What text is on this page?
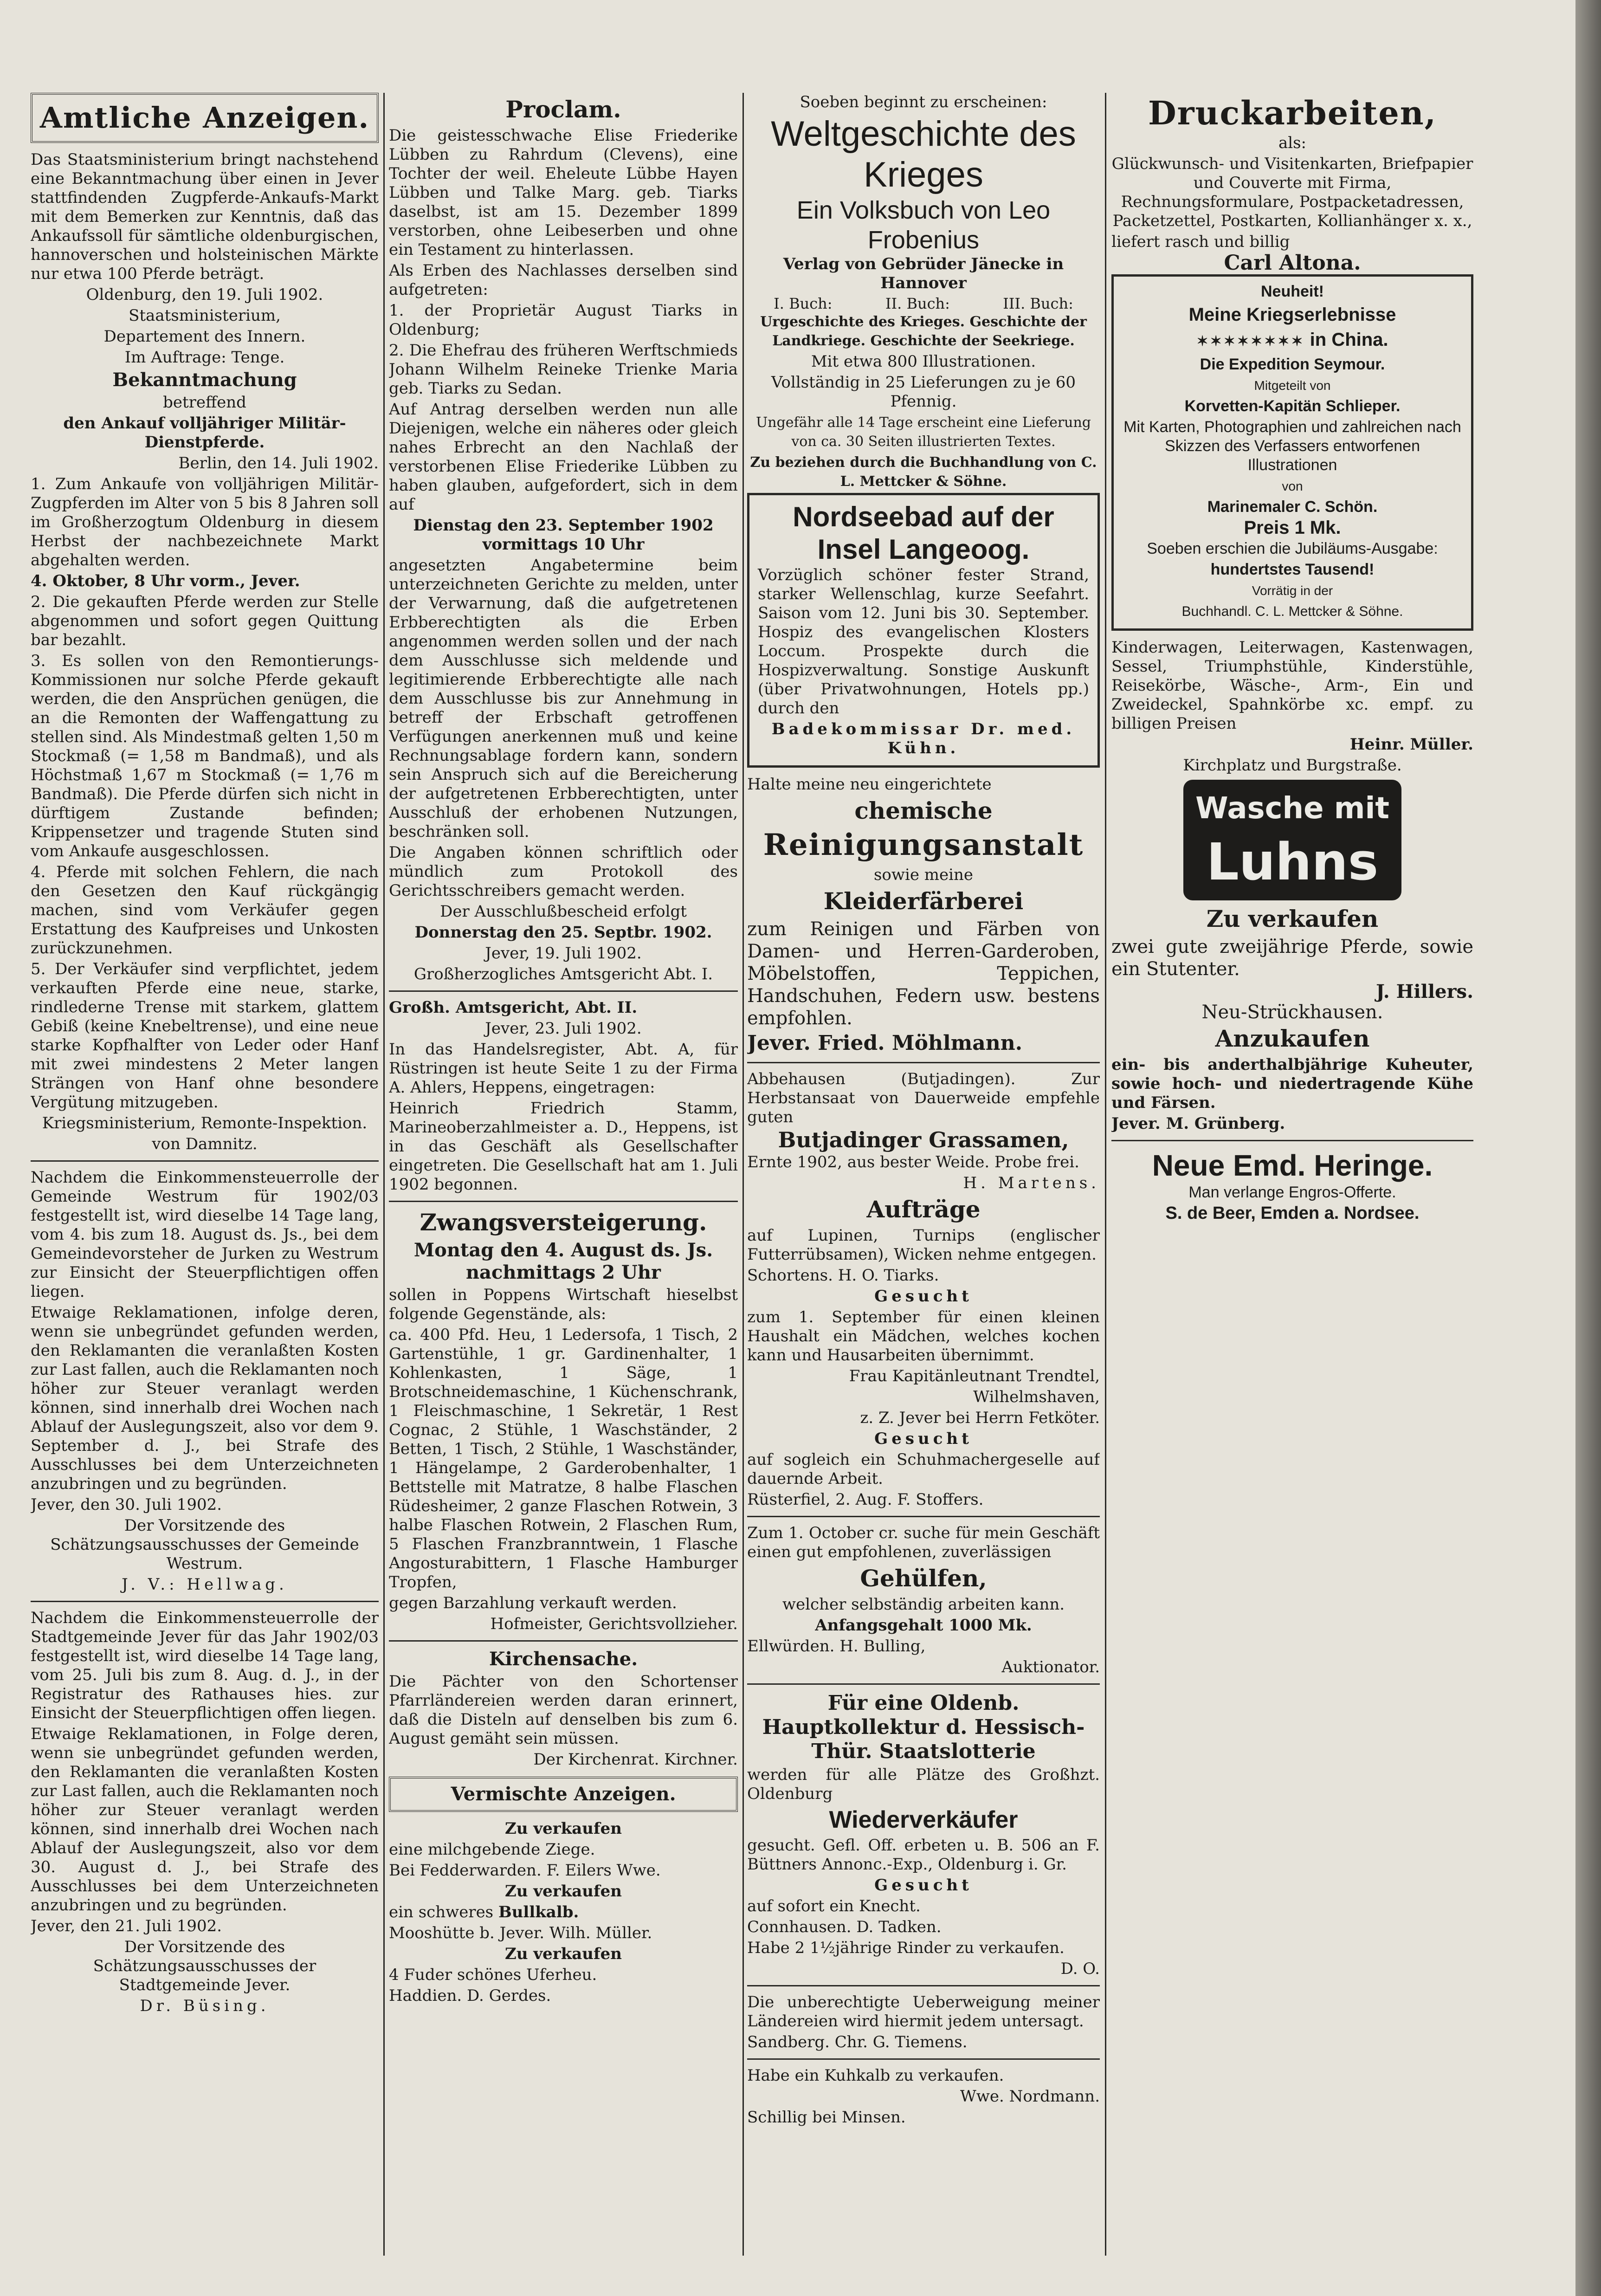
Amtliche Anzeigen.

Das Staatsministerium bringt nachstehend eine Bekanntmachung über einen in Jever stattfindenden Zugpferde-Ankaufs-Markt mit dem Bemerken zur Kenntnis, daß das Ankaufssoll für sämtliche oldenburgischen, hannoverschen und holsteinischen Märkte nur etwa 100 Pferde beträgt.

Oldenburg, den 19. Juli 1902.

Staatsministerium,

Departement des Innern.

Im Auftrage: Tenge.

Bekanntmachung

betreffend

den Ankauf volljähriger Militär-Dienstpferde.

Berlin, den 14. Juli 1902.

1. Zum Ankaufe von volljährigen Militär-Zugpferden im Alter von 5 bis 8 Jahren soll im Großherzogtum Oldenburg in diesem Herbst der nachbezeichnete Markt abgehalten werden.

4. Oktober, 8 Uhr vorm., Jever.

2. Die gekauften Pferde werden zur Stelle abgenommen und sofort gegen Quittung bar bezahlt.

3. Es sollen von den Remontierungs-Kommissionen nur solche Pferde gekauft werden, die den Ansprüchen genügen, die an die Remonten der Waffengattung zu stellen sind. Als Mindestmaß gelten 1,50 m Stockmaß (= 1,58 m Bandmaß), und als Höchstmaß 1,67 m Stockmaß (= 1,76 m Bandmaß). Die Pferde dürfen sich nicht in dürftigem Zustande befinden; Krippensetzer und tragende Stuten sind vom Ankaufe ausgeschlossen.

4. Pferde mit solchen Fehlern, die nach den Gesetzen den Kauf rückgängig machen, sind vom Verkäufer gegen Erstattung des Kaufpreises und Unkosten zurückzunehmen.

5. Der Verkäufer sind verpflichtet, jedem verkauften Pferde eine neue, starke, rindlederne Trense mit starkem, glattem Gebiß (keine Knebeltrense), und eine neue starke Kopfhalfter von Leder oder Hanf mit zwei mindestens 2 Meter langen Strängen von Hanf ohne besondere Vergütung mitzugeben.

Kriegsministerium, Remonte-Inspektion.

von Damnitz.

Nachdem die Einkommensteuerrolle der Gemeinde Westrum für 1902/03 festgestellt ist, wird dieselbe 14 Tage lang, vom 4. bis zum 18. August ds. Js., bei dem Gemeindevorsteher de Jurken zu Westrum zur Einsicht der Steuerpflichtigen offen liegen.

Etwaige Reklamationen, infolge deren, wenn sie unbegründet gefunden werden, den Reklamanten die veranlaßten Kosten zur Last fallen, auch die Reklamanten noch höher zur Steuer veranlagt werden können, sind innerhalb drei Wochen nach Ablauf der Auslegungszeit, also vor dem 9. September d. J., bei Strafe des Ausschlusses bei dem Unterzeichneten anzubringen und zu begründen.

Jever, den 30. Juli 1902.

Der Vorsitzende des Schätzungsausschusses der Gemeinde Westrum.

J. V.: Hellwag.

Nachdem die Einkommensteuerrolle der Stadtgemeinde Jever für das Jahr 1902/03 festgestellt ist, wird dieselbe 14 Tage lang, vom 25. Juli bis zum 8. Aug. d. J., in der Registratur des Rathauses hies. zur Einsicht der Steuerpflichtigen offen liegen.

Etwaige Reklamationen, in Folge deren, wenn sie unbegründet gefunden werden, den Reklamanten die veranlaßten Kosten zur Last fallen, auch die Reklamanten noch höher zur Steuer veranlagt werden können, sind innerhalb drei Wochen nach Ablauf der Auslegungszeit, also vor dem 30. August d. J., bei Strafe des Ausschlusses bei dem Unterzeichneten anzubringen und zu begründen.

Jever, den 21. Juli 1902.

Der Vorsitzende des Schätzungsausschusses der Stadtgemeinde Jever.

Dr. Büsing.

Proclam.

Die geistesschwache Elise Friederike Lübben zu Rahrdum (Clevens), eine Tochter der weil. Eheleute Lübbe Hayen Lübben und Talke Marg. geb. Tiarks daselbst, ist am 15. Dezember 1899 verstorben, ohne Leibeserben und ohne ein Testament zu hinterlassen.

Als Erben des Nachlasses derselben sind aufgetreten:

1. der Proprietär August Tiarks in Oldenburg;

2. Die Ehefrau des früheren Werftschmieds Johann Wilhelm Reineke Trienke Maria geb. Tiarks zu Sedan.

Auf Antrag derselben werden nun alle Diejenigen, welche ein näheres oder gleich nahes Erbrecht an den Nachlaß der verstorbenen Elise Friederike Lübben zu haben glauben, aufgefordert, sich in dem auf

Dienstag den 23. September 1902 vormittags 10 Uhr

angesetzten Angabetermine beim unterzeichneten Gerichte zu melden, unter der Verwarnung, daß die aufgetretenen Erbberechtigten als die Erben angenommen werden sollen und der nach dem Ausschlusse sich meldende und legitimierende Erbberechtigte alle nach dem Ausschlusse bis zur Annehmung in betreff der Erbschaft getroffenen Verfügungen anerkennen muß und keine Rechnungsablage fordern kann, sondern sein Anspruch sich auf die Bereicherung der aufgetretenen Erbberechtigten, unter Ausschluß der erhobenen Nutzungen, beschränken soll.

Die Angaben können schriftlich oder mündlich zum Protokoll des Gerichtsschreibers gemacht werden.

Der Ausschlußbescheid erfolgt

Donnerstag den 25. Septbr. 1902.

Jever, 19. Juli 1902.

Großherzogliches Amtsgericht Abt. I.

Großh. Amtsgericht, Abt. II.

Jever, 23. Juli 1902.

In das Handelsregister, Abt. A, für Rüstringen ist heute Seite 1 zu der Firma A. Ahlers, Heppens, eingetragen:

Heinrich Friedrich Stamm, Marineoberzahlmeister a. D., Heppens, ist in das Geschäft als Gesellschafter eingetreten. Die Gesellschaft hat am 1. Juli 1902 begonnen.

Zwangsversteigerung.

Montag den 4. August ds. Js. nachmittags 2 Uhr

sollen in Poppens Wirtschaft hieselbst folgende Gegenstände, als:

ca. 400 Pfd. Heu, 1 Ledersofa, 1 Tisch, 2 Gartenstühle, 1 gr. Gardinenhalter, 1 Kohlenkasten, 1 Säge, 1 Brotschneidemaschine, 1 Küchenschrank, 1 Fleischmaschine, 1 Sekretär, 1 Rest Cognac, 2 Stühle, 1 Waschständer, 2 Betten, 1 Tisch, 2 Stühle, 1 Waschständer, 1 Hängelampe, 2 Garderobenhalter, 1 Bettstelle mit Matratze, 8 halbe Flaschen Rüdesheimer, 2 ganze Flaschen Rotwein, 3 halbe Flaschen Rotwein, 2 Flaschen Rum, 5 Flaschen Franzbranntwein, 1 Flasche Angosturabittern, 1 Flasche Hamburger Tropfen,

gegen Barzahlung verkauft werden.

Hofmeister, Gerichtsvollzieher.

Kirchensache.

Die Pächter von den Schortenser Pfarrländereien werden daran erinnert, daß die Disteln auf denselben bis zum 6. August gemäht sein müssen.

Der Kirchenrat. Kirchner.

Vermischte Anzeigen.

Zu verkaufen

eine milchgebende Ziege.

Bei Fedderwarden. F. Eilers Wwe.

Zu verkaufen

ein schweres Bullkalb.

Mooshütte b. Jever. Wilh. Müller.

Zu verkaufen

4 Fuder schönes Uferheu.

Haddien. D. Gerdes.

Soeben beginnt zu erscheinen:

Weltgeschichte des Krieges
Ein Volksbuch von Leo Frobenius

Verlag von Gebrüder Jänecke in Hannover

I. Buch:	II. Buch:	III. Buch:

Urgeschichte des Krieges. Geschichte der Landkriege. Geschichte der Seekriege.

Mit etwa 800 Illustrationen.

Vollständig in 25 Lieferungen zu je 60 Pfennig.

Ungefähr alle 14 Tage erscheint eine Lieferung von ca. 30 Seiten illustrierten Textes.

Zu beziehen durch die Buchhandlung von C. L. Mettcker & Söhne.

Nordseebad auf der Insel Langeoog.

Vorzüglich schöner fester Strand, starker Wellenschlag, kurze Seefahrt. Saison vom 12. Juni bis 30. September. Hospiz des evangelischen Klosters Loccum. Prospekte durch die Hospizverwaltung. Sonstige Auskunft (über Privatwohnungen, Hotels pp.) durch den

Badekommissar Dr. med. Kühn.

Halte meine neu eingerichtete

chemische
Reinigungsanstalt

sowie meine

Kleiderfärberei

zum Reinigen und Färben von Damen- und Herren-Garderoben, Möbelstoffen, Teppichen, Handschuhen, Federn usw. bestens empfohlen.

Jever. Fried. Möhlmann.

Abbehausen (Butjadingen). Zur Herbstansaat von Dauerweide empfehle guten

Butjadinger Grassamen,

Ernte 1902, aus bester Weide. Probe frei.

H. Martens.

Aufträge

auf Lupinen, Turnips (englischer Futterrübsamen), Wicken nehme entgegen.

Schortens. H. O. Tiarks.

Gesucht

zum 1. September für einen kleinen Haushalt ein Mädchen, welches kochen kann und Hausarbeiten übernimmt.

Frau Kapitänleutnant Trendtel,

Wilhelmshaven,

z. Z. Jever bei Herrn Fetköter.

Gesucht

auf sogleich ein Schuhmachergeselle auf dauernde Arbeit.

Rüsterfiel, 2. Aug. F. Stoffers.

Zum 1. October cr. suche für mein Geschäft einen gut empfohlenen, zuverlässigen

Gehülfen,

welcher selbständig arbeiten kann.

Anfangsgehalt 1000 Mk.

Ellwürden. H. Bulling,

Auktionator.

Für eine Oldenb. Hauptkollektur d. Hessisch-Thür. Staatslotterie

werden für alle Plätze des Großhzt. Oldenburg

Wiederverkäufer

gesucht. Gefl. Off. erbeten u. B. 506 an F. Büttners Annonc.-Exp., Oldenburg i. Gr.

Gesucht

auf sofort ein Knecht.

Connhausen. D. Tadken.

Habe 2 1½jährige Rinder zu verkaufen.

D. O.

Die unberechtigte Ueberweigung meiner Ländereien wird hiermit jedem untersagt.

Sandberg. Chr. G. Tiemens.

Habe ein Kuhkalb zu verkaufen.

Wwe. Nordmann.

Schillig bei Minsen.

Druckarbeiten,

als:

Glückwunsch- und Visitenkarten, Briefpapier und Couverte mit Firma, Rechnungsformulare, Postpacketadressen, Packetzettel, Postkarten, Kollianhänger x. x.,

liefert rasch und billig

Carl Altona.

Neuheit!

Meine Kriegserlebnisse

✶✶✶✶✶✶✶✶ in China.

Die Expedition Seymour.

Mitgeteilt von

Korvetten-Kapitän Schlieper.

Mit Karten, Photographien und zahlreichen nach Skizzen des Verfassers entworfenen Illustrationen

von

Marinemaler C. Schön.

Preis 1 Mk.

Soeben erschien die Jubiläums-Ausgabe:

hundertstes Tausend!

Vorrätig in der

Buchhandl. C. L. Mettcker & Söhne.

Kinderwagen, Leiterwagen, Kastenwagen, Sessel, Triumphstühle, Kinderstühle, Reisekörbe, Wäsche-, Arm-, Ein und Zweideckel, Spahnkörbe xc. empf. zu billigen Preisen

Heinr. Müller.

Kirchplatz und Burgstraße.

Wasche mit
Luhns
Zu verkaufen

zwei gute zweijährige Pferde, sowie ein Stutenter.

J. Hillers.

Neu-Strückhausen.

Anzukaufen

ein- bis anderthalbjährige Kuheuter, sowie hoch- und niedertragende Kühe und Färsen.

Jever. M. Grünberg.

Neue Emd. Heringe.

Man verlange Engros-Offerte.

S. de Beer, Emden a. Nordsee.
